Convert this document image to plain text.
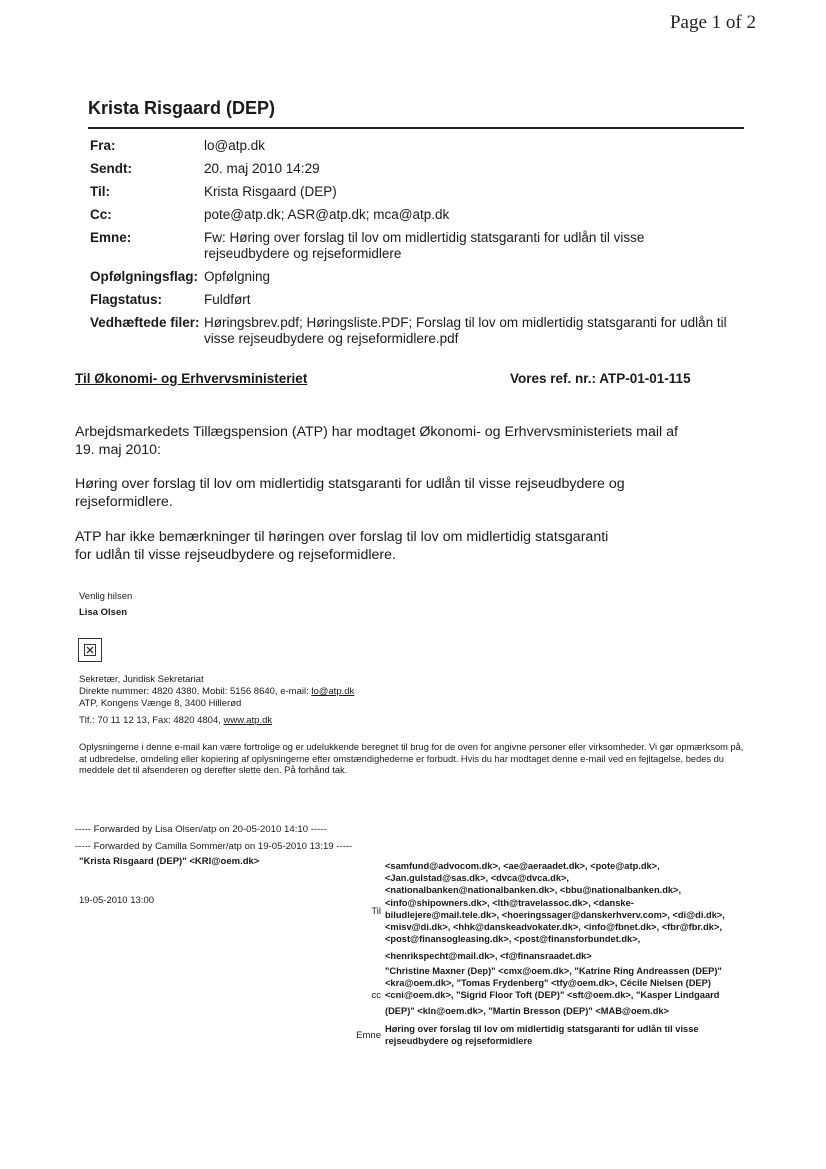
Page 1 of 2
Krista Risgaard (DEP)
Fra:	lo@atp.dk
Sendt:	20. maj 2010 14:29
Til:	Krista Risgaard (DEP)
Cc:	pote@atp.dk; ASR@atp.dk; mca@atp.dk
Emne:	Fw: Høring over forslag til lov om midlertidig statsgaranti for udlån til visse rejseudbydere og rejseformidlere
Opfølgningsflag:	Opfølgning
Flagstatus:	Fuldført
Vedhæftede filer:	Høringsbrev.pdf; Høringsliste.PDF; Forslag til lov om midlertidig statsgaranti for udlån til visse rejseudbydere og rejseformidlere.pdf
Til Økonomi- og Erhvervsministeriet	Vores ref. nr.: ATP-01-01-115
Arbejdsmarkedets Tillægspension (ATP) har modtaget Økonomi- og Erhvervsministeriets mail af 19. maj 2010:
Høring over forslag til lov om midlertidig statsgaranti for udlån til visse rejseudbydere og rejseformidlere.
ATP har ikke bemærkninger til høringen over forslag til lov om midlertidig statsgaranti for udlån til visse rejseudbydere og rejseformidlere.
Venlig hilsen
Lisa Olsen
Sekretær, Juridisk Sekretariat
Direkte nummer: 4820 4380, Mobil: 5156 8640, e-mail: lo@atp.dk
ATP, Kongens Vænge 8, 3400 Hillerød
Tlf.: 70 11 12 13, Fax: 4820 4804, www.atp.dk
Oplysningerne i denne e-mail kan være fortrolige og er udelukkende beregnet til brug for de oven for angivne personer eller virksomheder. Vi gør opmærksom på, at udbredelse, omdeling eller kopiering af oplysningerne efter omstændighederne er forbudt. Hvis du har modtaget denne e-mail ved en fejltagelse, bedes du meddele det til afsenderen og derefter slette den. På forhånd tak.
----- Forwarded by Lisa Olsen/atp on 20-05-2010 14:10 -----
----- Forwarded by Camilla Sommer/atp on 19-05-2010 13:19 -----
"Krista Risgaard (DEP)" <KRI@oem.dk>
19-05-2010 13:00
Til
<samfund@advocom.dk>, <ae@aeraadet.dk>, <pote@atp.dk>,
<Jan.gulstad@sas.dk>, <dvca@dvca.dk>,
<nationalbanken@nationalbanken.dk>, <bbu@nationalbanken.dk>,
<info@shipowners.dk>, <lth@travelassoc.dk>, <danske-
biludlejere@mail.tele.dk>, <hoeringssager@danskerhverv.com>, <di@di.dk>,
<misv@di.dk>, <hhk@danskeadvokater.dk>, <info@fbnet.dk>, <fbr@fbr.dk>,
<post@finansogleasing.dk>, <post@finansforbundet.dk>,
<henrikspecht@mail.dk>, <f@finansraadet.dk>
cc
"Christine Maxner (Dep)" <cmx@oem.dk>, "Katrine Ring Andreassen (DEP)"
<kra@oem.dk>, "Tomas Frydenberg" <tfy@oem.dk>, Cécile Nielsen (DEP)
<cni@oem.dk>, "Sigrid Floor Toft (DEP)" <sft@oem.dk>, "Kasper Lindgaard
(DEP)" <kln@oem.dk>, "Martin Bresson (DEP)" <MAB@oem.dk>
Emne
Høring over forslag til lov om midlertidig statsgaranti for udlån til visse
rejseudbydere og rejseformidlere
